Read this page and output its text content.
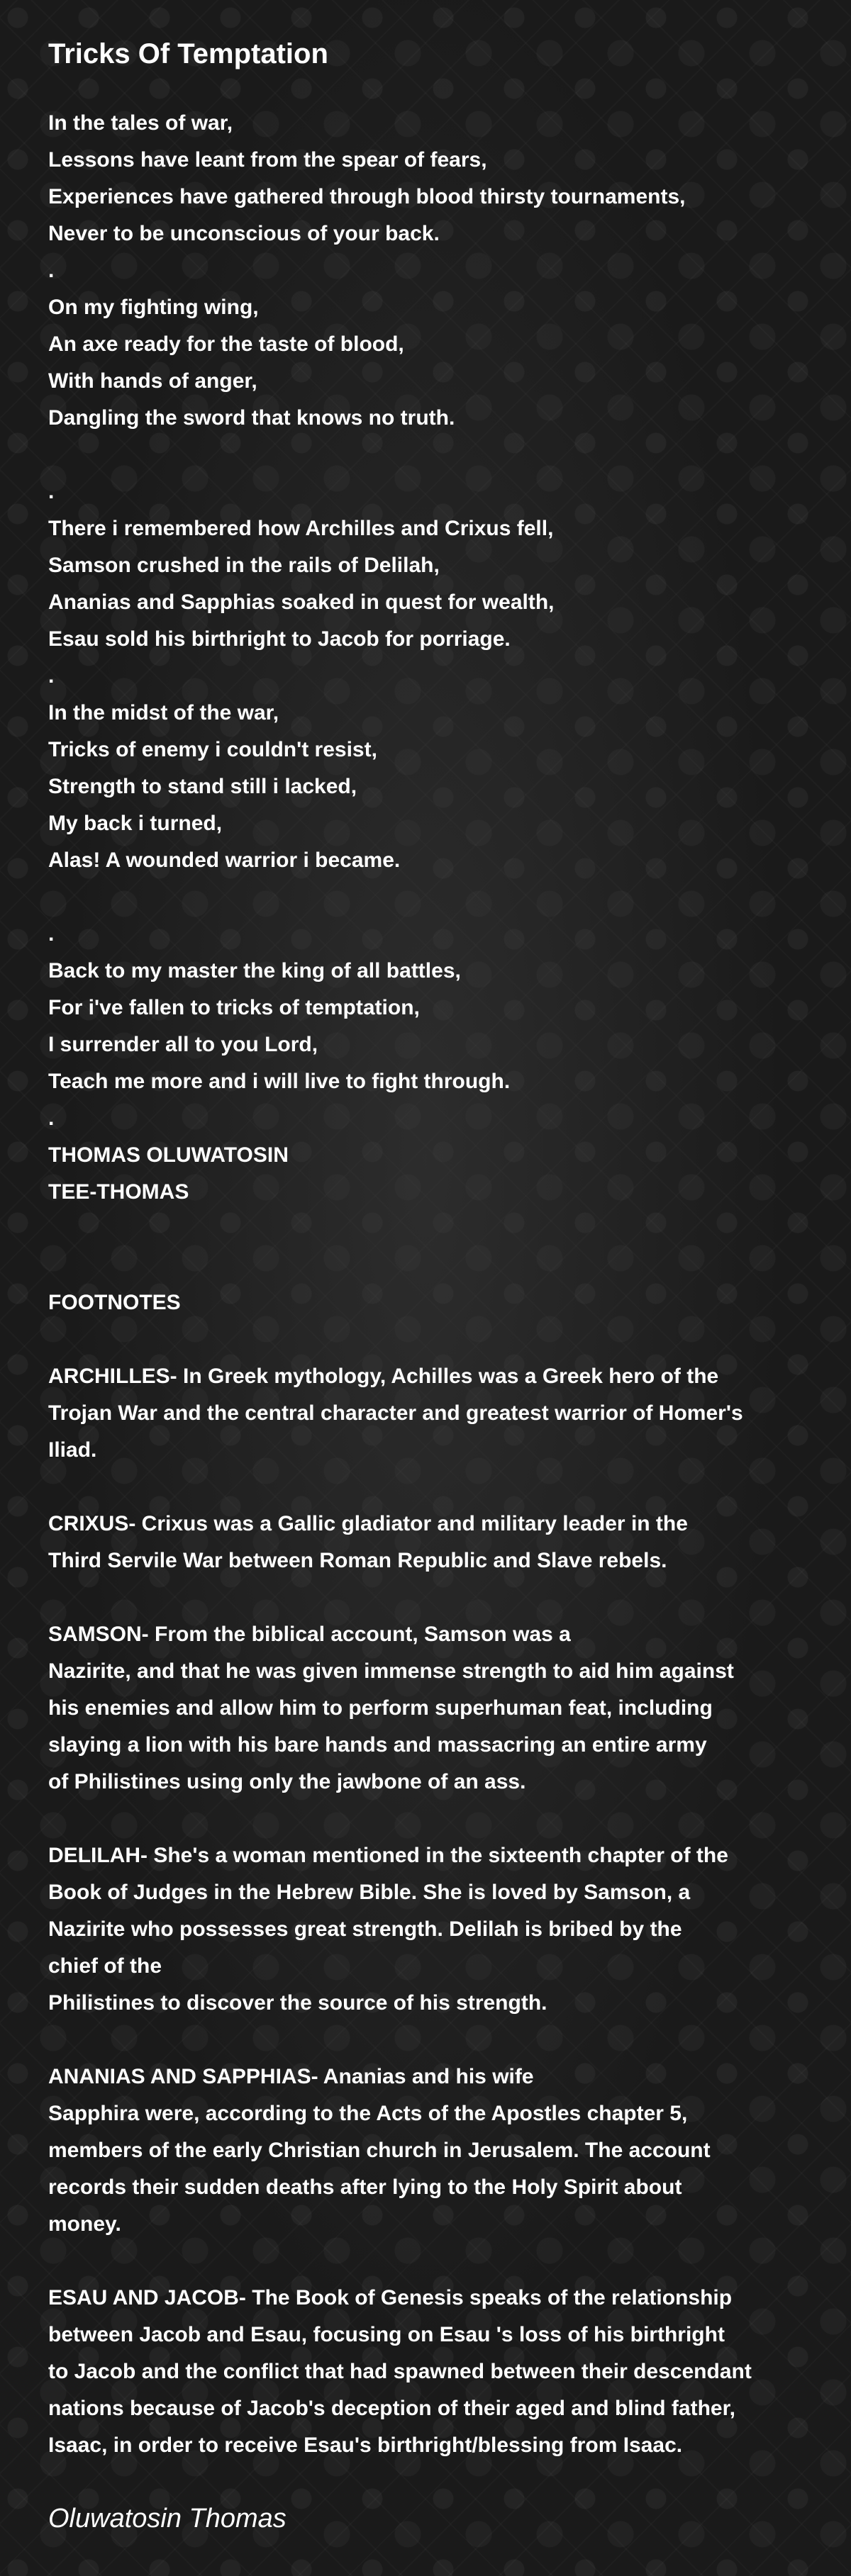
Tricks Of Temptation
In the tales of war,
Lessons have leant from the spear of fears,
Experiences have gathered through blood thirsty tournaments,
Never to be unconscious of your back.
.
On my fighting wing,
An axe ready for the taste of blood,
With hands of anger,
Dangling the sword that knows no truth.

.
There i remembered how Archilles and Crixus fell,
Samson crushed in the rails of Delilah,
Ananias and Sapphias soaked in quest for wealth,
Esau sold his birthright to Jacob for porriage.
.
In the midst of the war,
Tricks of enemy i couldn't resist,
Strength to stand still i lacked,
My back i turned,
Alas! A wounded warrior i became.

.
Back to my master the king of all battles,
For i've fallen to tricks of temptation,
I surrender all to you Lord,
Teach me more and i will live to fight through.
.
THOMAS OLUWATOSIN
TEE-THOMAS

FOOTNOTES

ARCHILLES- In Greek mythology, Achilles was a Greek hero of the
Trojan War and the central character and greatest warrior of Homer's
Iliad.

CRIXUS- Crixus was a Gallic gladiator and military leader in the
Third Servile War between Roman Republic and Slave rebels.

SAMSON- From the biblical account, Samson was a
Nazirite, and that he was given immense strength to aid him against
his enemies and allow him to perform superhuman feat, including
slaying a lion with his bare hands and massacring an entire army
of Philistines using only the jawbone of an ass.

DELILAH- She's a woman mentioned in the sixteenth chapter of the
Book of Judges in the Hebrew Bible. She is loved by Samson, a
Nazirite who possesses great strength. Delilah is bribed by the
chief of the
Philistines to discover the source of his strength.

ANANIAS AND SAPPHIAS- Ananias and his wife
Sapphira were, according to the Acts of the Apostles chapter 5,
members of the early Christian church in Jerusalem. The account
records their sudden deaths after lying to the Holy Spirit about
money.

ESAU AND JACOB- The Book of Genesis speaks of the relationship
between Jacob and Esau, focusing on Esau 's loss of his birthright
to Jacob and the conflict that had spawned between their descendant
nations because of Jacob's deception of their aged and blind father,
Isaac, in order to receive Esau's birthright/blessing from Isaac.
Oluwatosin Thomas
